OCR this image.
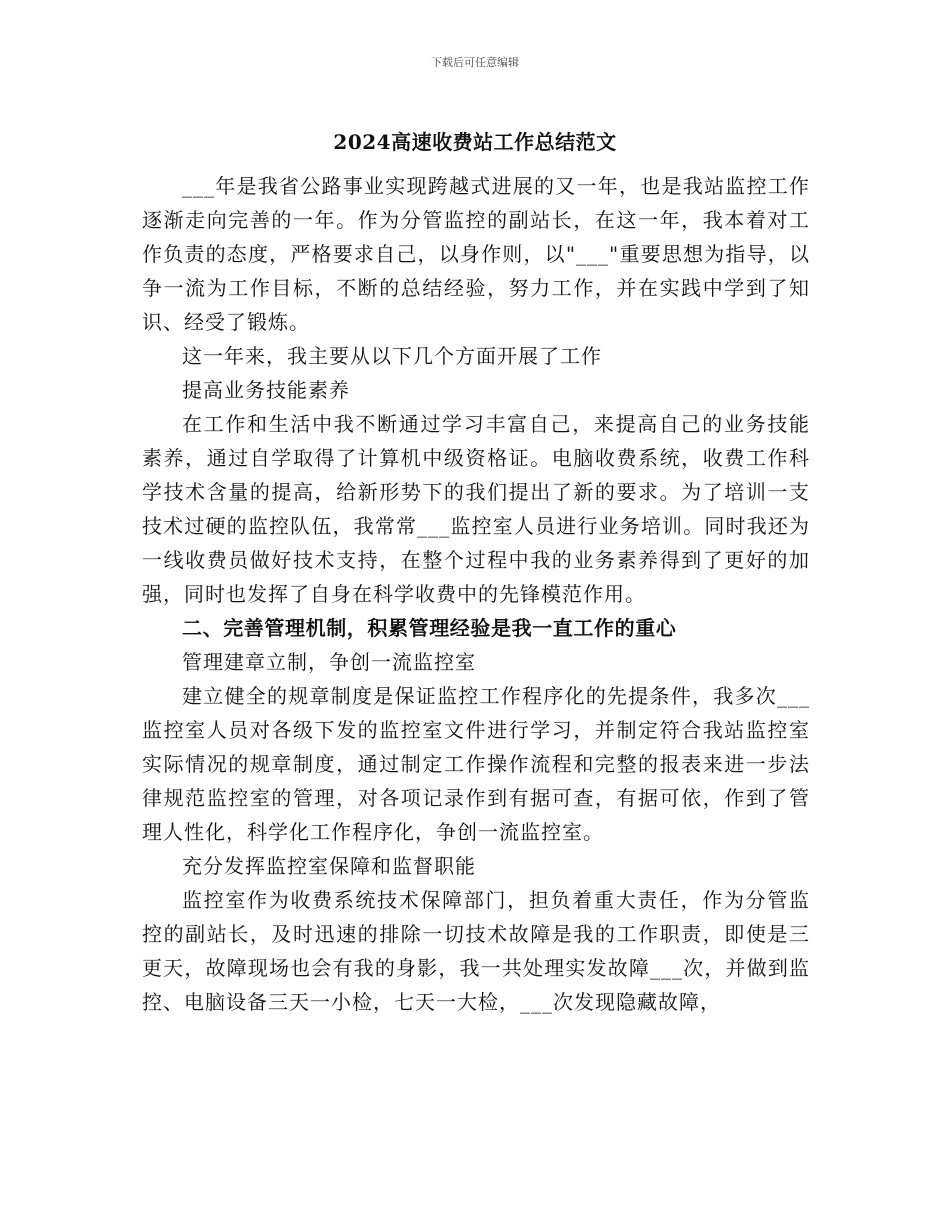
下载后可任意编辑
2024高速收费站工作总结范文

___年是我省公路事业实现跨越式进展的又一年，也是我站监控工作逐渐走向完善的一年。作为分管监控的副站长，在这一年，我本着对工作负责的态度，严格要求自己，以身作则，以"___"重要思想为指导，以争一流为工作目标，不断的总结经验，努力工作，并在实践中学到了知识、经受了锻炼。

这一年来，我主要从以下几个方面开展了工作

提高业务技能素养

在工作和生活中我不断通过学习丰富自己，来提高自己的业务技能素养，通过自学取得了计算机中级资格证。电脑收费系统，收费工作科学技术含量的提高，给新形势下的我们提出了新的要求。为了培训一支技术过硬的监控队伍，我常常___监控室人员进行业务培训。同时我还为一线收费员做好技术支持，在整个过程中我的业务素养得到了更好的加强，同时也发挥了自身在科学收费中的先锋模范作用。

二、完善管理机制，积累管理经验是我一直工作的重心

管理建章立制，争创一流监控室

建立健全的规章制度是保证监控工作程序化的先提条件，我多次___监控室人员对各级下发的监控室文件进行学习，并制定符合我站监控室实际情况的规章制度，通过制定工作操作流程和完整的报表来进一步法律规范监控室的管理，对各项记录作到有据可查，有据可依，作到了管理人性化，科学化工作程序化，争创一流监控室。

充分发挥监控室保障和监督职能

监控室作为收费系统技术保障部门，担负着重大责任，作为分管监控的副站长，及时迅速的排除一切技术故障是我的工作职责，即使是三更天，故障现场也会有我的身影，我一共处理实发故障___次，并做到监控、电脑设备三天一小检，七天一大检，___次发现隐藏故障，
